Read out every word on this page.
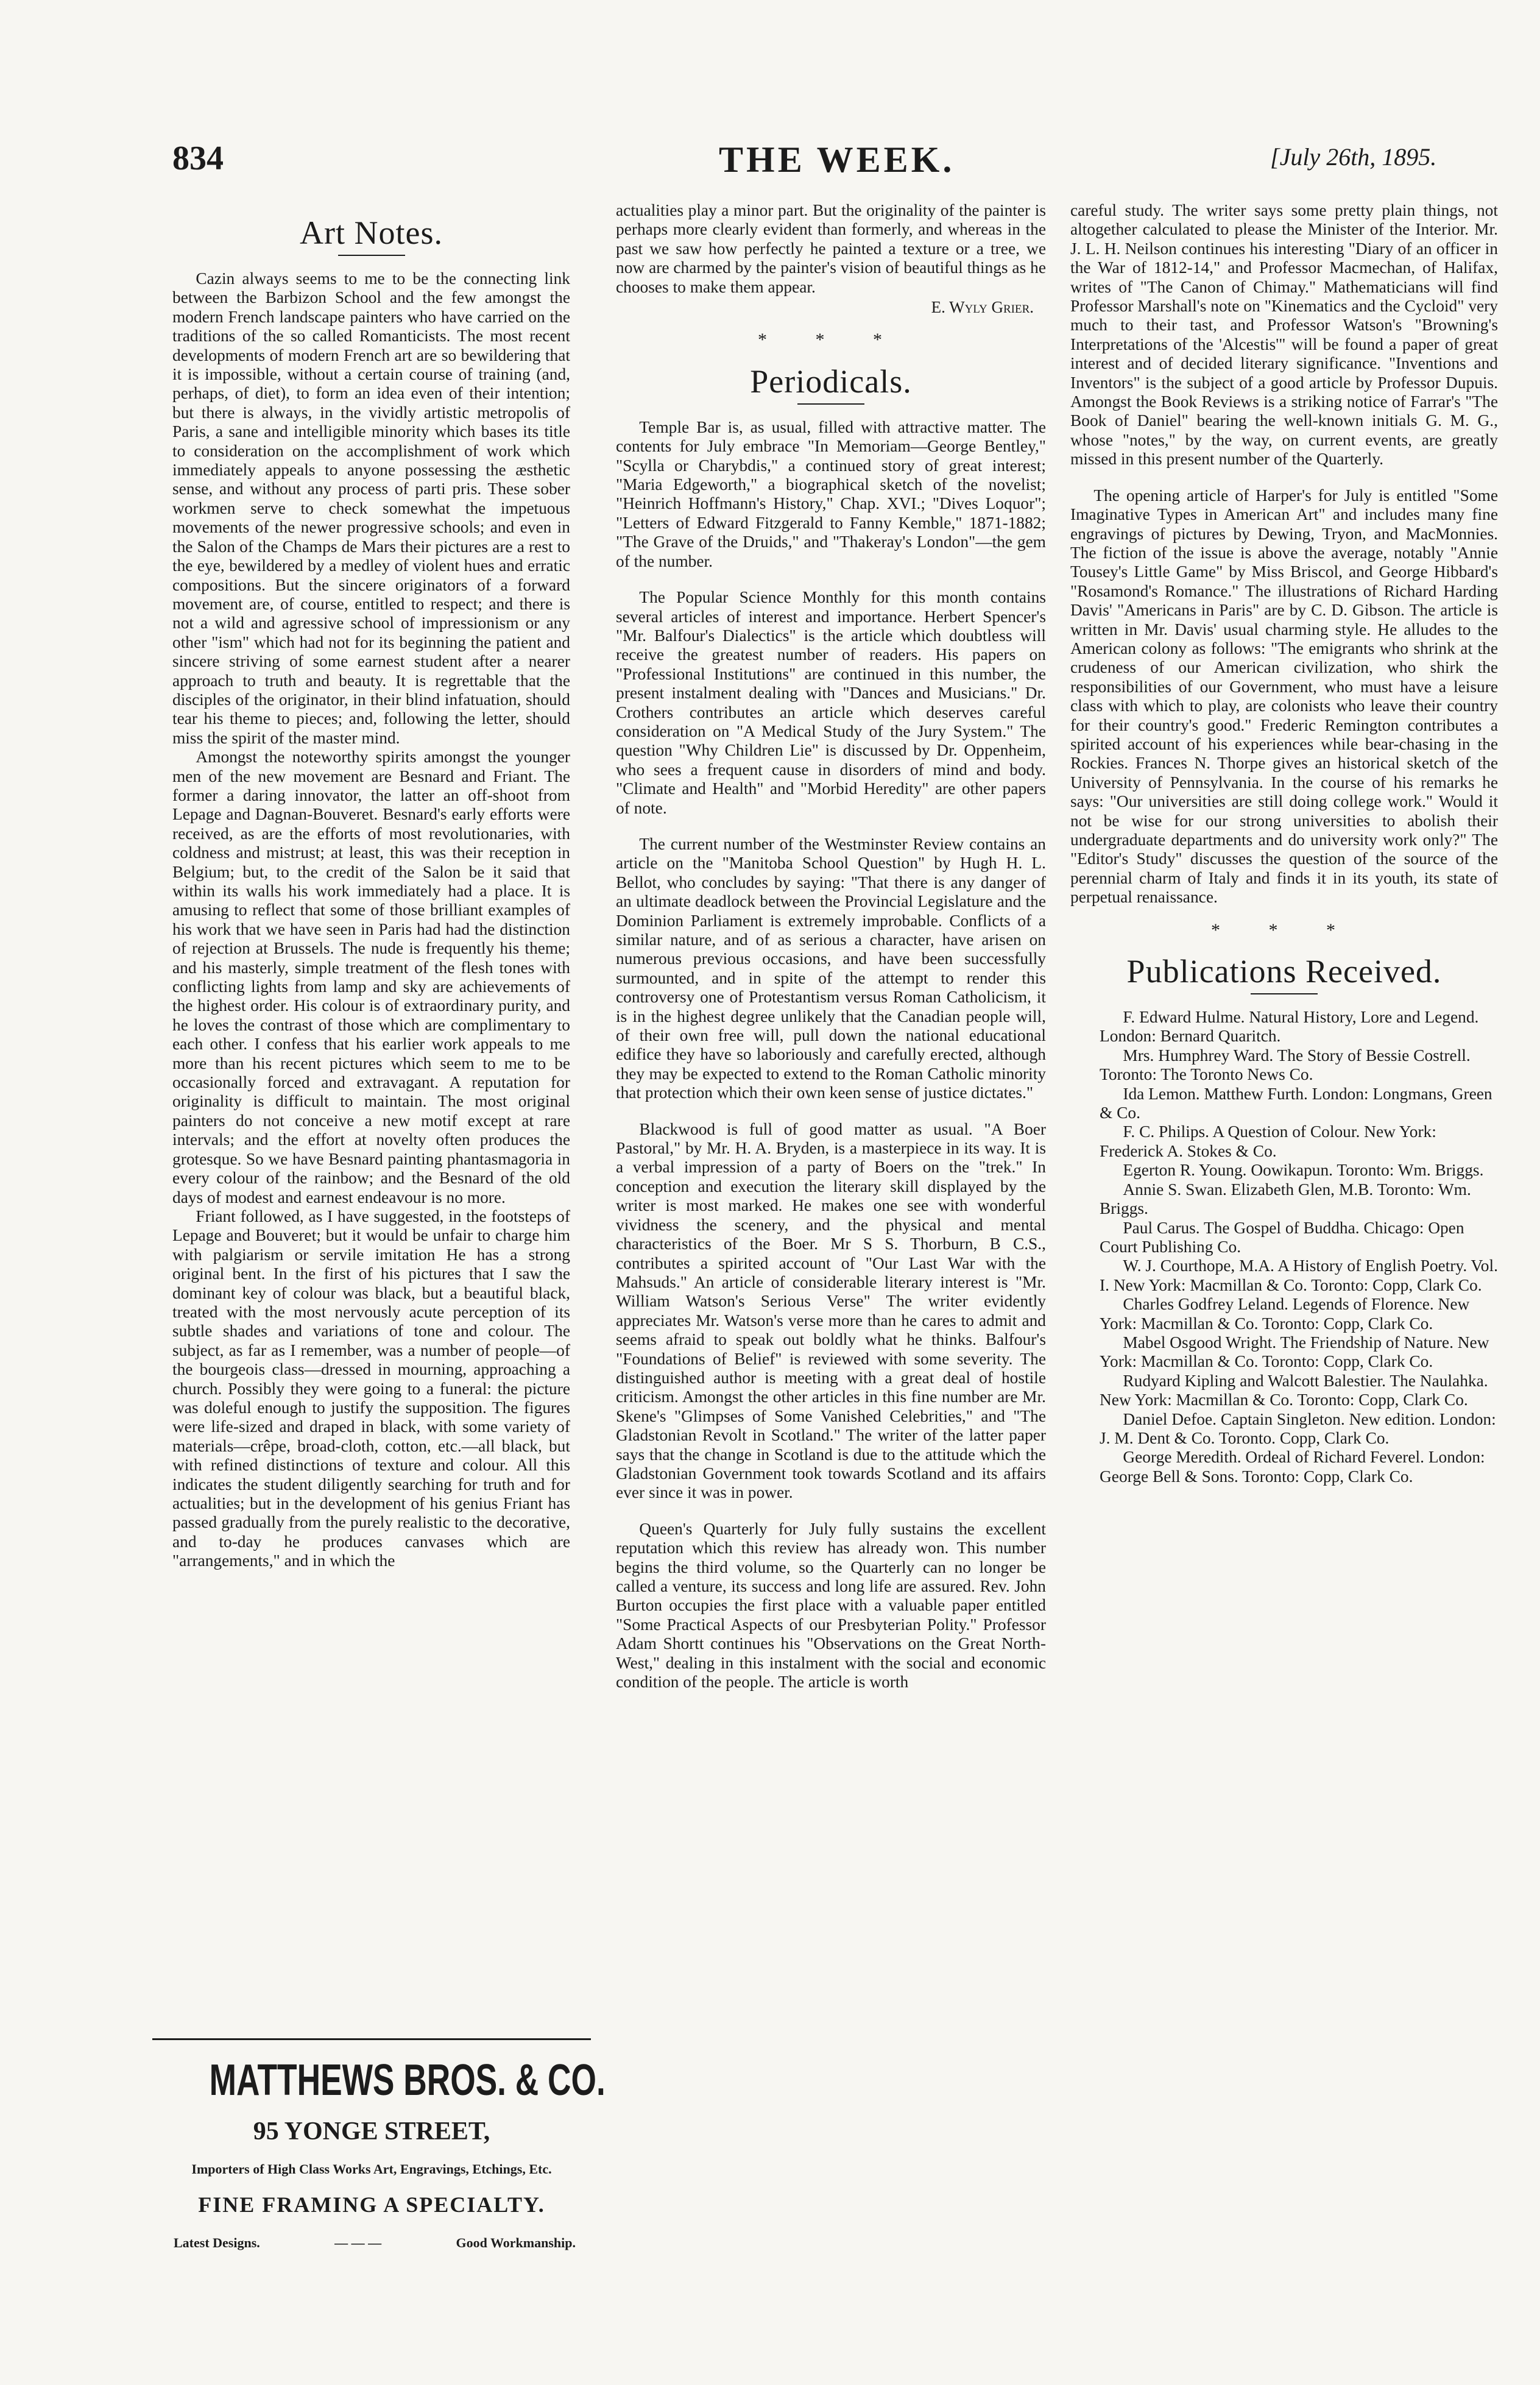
834	THE WEEK.	[July 26th, 1895.
Art Notes.

Cazin always seems to me to be the connecting link between the Barbizon School and the few amongst the modern French landscape painters who have carried on the traditions of the so called Romanticists. The most recent developments of modern French art are so bewildering that it is impossible, without a certain course of training (and, perhaps, of diet), to form an idea even of their intention; but there is always, in the vividly artistic metropolis of Paris, a sane and intelligible minority which bases its title to consideration on the accomplishment of work which immediately appeals to anyone possessing the æsthetic sense, and without any process of parti pris. These sober workmen serve to check somewhat the impetuous movements of the newer progressive schools; and even in the Salon of the Champs de Mars their pictures are a rest to the eye, bewildered by a medley of violent hues and erratic compositions. But the sincere originators of a forward movement are, of course, entitled to respect; and there is not a wild and agressive school of impressionism or any other "ism" which had not for its beginning the patient and sincere striving of some earnest student after a nearer approach to truth and beauty. It is regrettable that the disciples of the originator, in their blind infatuation, should tear his theme to pieces; and, following the letter, should miss the spirit of the master mind.

Amongst the noteworthy spirits amongst the younger men of the new movement are Besnard and Friant. The former a daring innovator, the latter an off-shoot from Lepage and Dagnan-Bouveret. Besnard's early efforts were received, as are the efforts of most revolutionaries, with coldness and mistrust; at least, this was their reception in Belgium; but, to the credit of the Salon be it said that within its walls his work immediately had a place. It is amusing to reflect that some of those brilliant examples of his work that we have seen in Paris had had the distinction of rejection at Brussels. The nude is frequently his theme; and his masterly, simple treatment of the flesh tones with conflicting lights from lamp and sky are achievements of the highest order. His colour is of extraordinary purity, and he loves the contrast of those which are complimentary to each other. I confess that his earlier work appeals to me more than his recent pictures which seem to me to be occasionally forced and extravagant. A reputation for originality is difficult to maintain. The most original painters do not conceive a new motif except at rare intervals; and the effort at novelty often produces the grotesque. So we have Besnard painting phantasmagoria in every colour of the rainbow; and the Besnard of the old days of modest and earnest endeavour is no more.

Friant followed, as I have suggested, in the footsteps of Lepage and Bouveret; but it would be unfair to charge him with palgiarism or servile imitation He has a strong original bent. In the first of his pictures that I saw the dominant key of colour was black, but a beautiful black, treated with the most nervously acute perception of its subtle shades and variations of tone and colour. The subject, as far as I remember, was a number of people—of the bourgeois class—dressed in mourning, approaching a church. Possibly they were going to a funeral: the picture was doleful enough to justify the supposition. The figures were life-sized and draped in black, with some variety of materials—crêpe, broad-cloth, cotton, etc.—all black, but with refined distinctions of texture and colour. All this indicates the student diligently searching for truth and for actualities; but in the development of his genius Friant has passed gradually from the purely realistic to the decorative, and to-day he produces canvases which are "arrangements," and in which the

MATTHEWS BROS. & CO.
95 YONGE STREET,
Importers of High Class Works Art, Engravings, Etchings, Etc.
FINE FRAMING A SPECIALTY.
Latest Designs.	— — —	Good Workmanship.

actualities play a minor part. But the originality of the painter is perhaps more clearly evident than formerly, and whereas in the past we saw how perfectly he painted a texture or a tree, we now are charmed by the painter's vision of beautiful things as he chooses to make them appear.

E. Wyly Grier.

* * *
Periodicals.

Temple Bar is, as usual, filled with attractive matter. The contents for July embrace "In Memoriam—George Bentley," "Scylla or Charybdis," a continued story of great interest; "Maria Edgeworth," a biographical sketch of the novelist; "Heinrich Hoffmann's History," Chap. XVI.; "Dives Loquor"; "Letters of Edward Fitzgerald to Fanny Kemble," 1871-1882; "The Grave of the Druids," and "Thakeray's London"—the gem of the number.

The Popular Science Monthly for this month contains several articles of interest and importance. Herbert Spencer's "Mr. Balfour's Dialectics" is the article which doubtless will receive the greatest number of readers. His papers on "Professional Institutions" are continued in this number, the present instalment dealing with "Dances and Musicians." Dr. Crothers contributes an article which deserves careful consideration on "A Medical Study of the Jury System." The question "Why Children Lie" is discussed by Dr. Oppenheim, who sees a frequent cause in disorders of mind and body. "Climate and Health" and "Morbid Heredity" are other papers of note.

The current number of the Westminster Review contains an article on the "Manitoba School Question" by Hugh H. L. Bellot, who concludes by saying: "That there is any danger of an ultimate deadlock between the Provincial Legislature and the Dominion Parliament is extremely improbable. Conflicts of a similar nature, and of as serious a character, have arisen on numerous previous occasions, and have been successfully surmounted, and in spite of the attempt to render this controversy one of Protestantism versus Roman Catholicism, it is in the highest degree unlikely that the Canadian people will, of their own free will, pull down the national educational edifice they have so laboriously and carefully erected, although they may be expected to extend to the Roman Catholic minority that protection which their own keen sense of justice dictates."

Blackwood is full of good matter as usual. "A Boer Pastoral," by Mr. H. A. Bryden, is a masterpiece in its way. It is a verbal impression of a party of Boers on the "trek." In conception and execution the literary skill displayed by the writer is most marked. He makes one see with wonderful vividness the scenery, and the physical and mental characteristics of the Boer. Mr S S. Thorburn, B C.S., contributes a spirited account of "Our Last War with the Mahsuds." An article of considerable literary interest is "Mr. William Watson's Serious Verse" The writer evidently appreciates Mr. Watson's verse more than he cares to admit and seems afraid to speak out boldly what he thinks. Balfour's "Foundations of Belief" is reviewed with some severity. The distinguished author is meeting with a great deal of hostile criticism. Amongst the other articles in this fine number are Mr. Skene's "Glimpses of Some Vanished Celebrities," and "The Gladstonian Revolt in Scotland." The writer of the latter paper says that the change in Scotland is due to the attitude which the Gladstonian Government took towards Scotland and its affairs ever since it was in power.

Queen's Quarterly for July fully sustains the excellent reputation which this review has already won. This number begins the third volume, so the Quarterly can no longer be called a venture, its success and long life are assured. Rev. John Burton occupies the first place with a valuable paper entitled "Some Practical Aspects of our Presbyterian Polity." Professor Adam Shortt continues his "Observations on the Great North-West," dealing in this instalment with the social and economic condition of the people. The article is worth

careful study. The writer says some pretty plain things, not altogether calculated to please the Minister of the Interior. Mr. J. L. H. Neilson continues his interesting "Diary of an officer in the War of 1812-14," and Professor Macmechan, of Halifax, writes of "The Canon of Chimay." Mathematicians will find Professor Marshall's note on "Kinematics and the Cycloid" very much to their tast, and Professor Watson's "Browning's Interpretations of the 'Alcestis'" will be found a paper of great interest and of decided literary significance. "Inventions and Inventors" is the subject of a good article by Professor Dupuis. Amongst the Book Reviews is a striking notice of Farrar's "The Book of Daniel" bearing the well-known initials G. M. G., whose "notes," by the way, on current events, are greatly missed in this present number of the Quarterly.

The opening article of Harper's for July is entitled "Some Imaginative Types in American Art" and includes many fine engravings of pictures by Dewing, Tryon, and MacMonnies. The fiction of the issue is above the average, notably "Annie Tousey's Little Game" by Miss Briscol, and George Hibbard's "Rosamond's Romance." The illustrations of Richard Harding Davis' "Americans in Paris" are by C. D. Gibson. The article is written in Mr. Davis' usual charming style. He alludes to the American colony as follows: "The emigrants who shrink at the crudeness of our American civilization, who shirk the responsibilities of our Government, who must have a leisure class with which to play, are colonists who leave their country for their country's good." Frederic Remington contributes a spirited account of his experiences while bear-chasing in the Rockies. Frances N. Thorpe gives an historical sketch of the University of Pennsylvania. In the course of his remarks he says: "Our universities are still doing college work." Would it not be wise for our strong universities to abolish their undergraduate departments and do university work only?" The "Editor's Study" discusses the question of the source of the perennial charm of Italy and finds it in its youth, its state of perpetual renaissance.

* * *
Publications Received.

F. Edward Hulme. Natural History, Lore and Legend. London: Bernard Quaritch.

Mrs. Humphrey Ward. The Story of Bessie Costrell. Toronto: The Toronto News Co.

Ida Lemon. Matthew Furth. London: Longmans, Green & Co.

F. C. Philips. A Question of Colour. New York: Frederick A. Stokes & Co.

Egerton R. Young. Oowikapun. Toronto: Wm. Briggs.

Annie S. Swan. Elizabeth Glen, M.B. Toronto: Wm. Briggs.

Paul Carus. The Gospel of Buddha. Chicago: Open Court Publishing Co.

W. J. Courthope, M.A. A History of English Poetry. Vol. I. New York: Macmillan & Co. Toronto: Copp, Clark Co.

Charles Godfrey Leland. Legends of Florence. New York: Macmillan & Co. Toronto: Copp, Clark Co.

Mabel Osgood Wright. The Friendship of Nature. New York: Macmillan & Co. Toronto: Copp, Clark Co.

Rudyard Kipling and Walcott Balestier. The Naulahka. New York: Macmillan & Co. Toronto: Copp, Clark Co.

Daniel Defoe. Captain Singleton. New edition. London: J. M. Dent & Co. Toronto. Copp, Clark Co.

George Meredith. Ordeal of Richard Feverel. London: George Bell & Sons. Toronto: Copp, Clark Co.
